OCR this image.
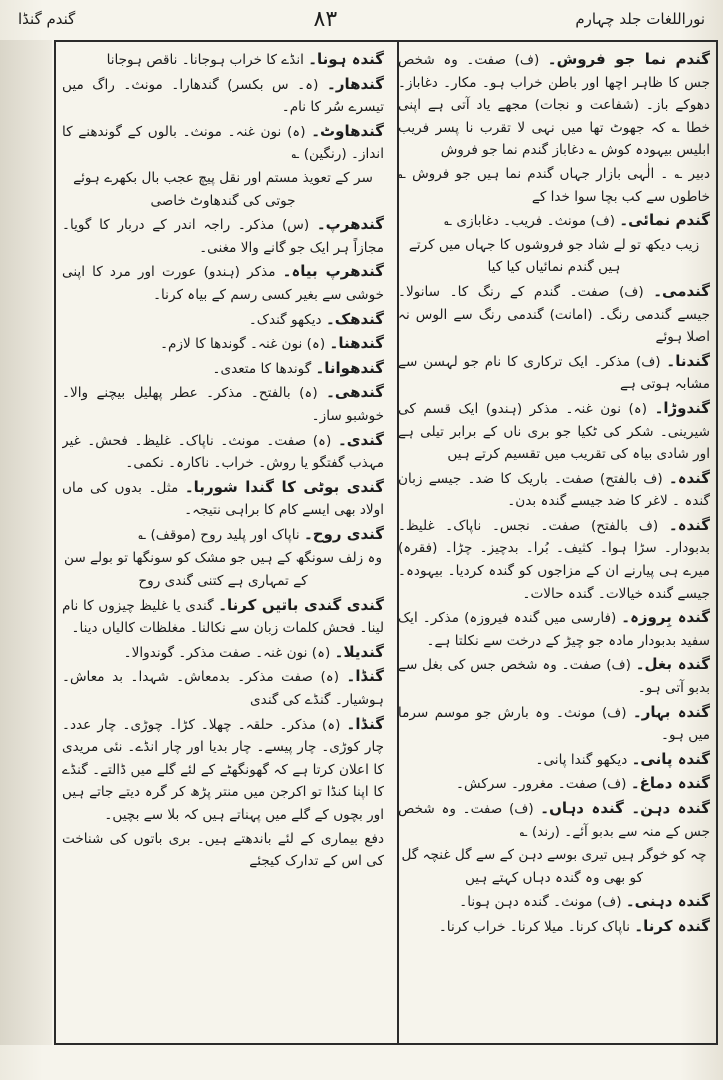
نوراللغات جلد چہارم
۸۳
گندم گنڈا

گندم نما جو فروش۔ (ف) صفت۔ وہ شخص جس کا ظاہر اچھا اور باطن خراب ہو۔ مکار۔ دغاباز۔ دھوکے باز۔ (شفاعت و نجات) مجھے یاد آتی ہے اپنی خطا ؎ کہ جھوٹ تھا میں نہی لا تقرب نا پسر فریب ابلیس بیہودہ کوش ؎ دغاباز گندم نما جو فروش

دبیر ؎ ۔ الٰہی بازار جہاں گندم نما ہیں جو فروش ؎ خاطوں سے کب بچا سوا خدا کے

گندم نمائی۔ (ف) مونث۔ فریب۔ دغابازی ؎

زیب دیکھ تو لے شاد جو فروشوں کا جہاں میں کرتے ہیں گندم نمائیاں کیا کیا

گندمی۔ (ف) صفت۔ گندم کے رنگ کا۔ سانولا۔ جیسے گندمی رنگ۔ (امانت) گندمی رنگ سے الوس نہ اصلا ہوئے

گندنا۔ (ف) مذکر۔ ایک ترکاری کا نام جو لہسن سے مشابہ ہوتی ہے

گندوڑا۔ (ہ) نون غنہ۔ مذکر (ہندو) ایک قسم کی شیرینی۔ شکر کی ٹکیا جو بری ناں کے برابر تیلی ہے اور شادی بیاہ کی تقریب میں تقسیم کرتے ہیں

گندہ۔ (ف بالفتح) صفت۔ باریک کا ضد۔ جیسے زبان گندہ ۔ لاغر کا ضد جیسے گندہ بدن۔

گندہ۔ (ف بالفتح) صفت۔ نجس۔ ناپاک۔ غلیظ۔ بدبودار۔ سڑا ہوا۔ کثیف۔ بُرا۔ بدچیز۔ چڑا۔ (فقرہ) میرے ہی پیارنے ان کے مزاجوں کو گندہ کردیا۔ بیہودہ۔ جیسے گندہ خیالات۔ گندہ حالات۔

گندہ بِروزہ۔ (فارسی میں گندہ فیروزہ) مذکر۔ ایک سفید بدبودار مادہ جو چیڑ کے درخت سے نکلتا ہے۔

گندہ بغل۔ (ف) صفت۔ وہ شخص جس کی بغل سے بدبو آتی ہو۔

گندہ بہار۔ (ف) مونث۔ وہ بارش جو موسم سرما میں ہو۔

گندہ پانی۔ دیکھو گندا پانی۔

گندہ دماغ۔ (ف) صفت۔ مغرور۔ سرکش۔

گندہ دہن۔ گندہ دہاں۔ (ف) صفت۔ وہ شخص جس کے منہ سے بدبو آئے۔ (رند) ؎

چہ کو خوگر ہیں تیری بوسے دہن کے سے گل غنچہ گل کو بھی وہ گندہ دہاں کہتے ہیں

گندہ دہنی۔ (ف) مونث۔ گندہ دہن ہونا۔

گندہ کرنا۔ ناپاک کرنا۔ میلا کرنا۔ خراب کرنا۔

گندہ ہونا۔ انڈے کا خراب ہوجانا۔ ناقص ہوجانا

گندھار۔ (ہ۔ س بکسر) گندھارا۔ مونث۔ راگ میں تیسرے سُر کا نام۔

گندھاوٹ۔ (ہ) نون غنہ۔ مونث۔ بالوں کے گوندھنے کا انداز۔ (رنگین) ؎

سر کے تعویذ مستم اور نقل پیچ عجب بال بکھرے ہوئے جوتی کی گندھاوٹ خاصی

گندھرپ۔ (س) مذکر۔ راجہ اندر کے دربار کا گویا۔ مجازاً ہر ایک جو گانے والا مغنی۔

گندھرپ بیاہ۔ مذکر (ہندو) عورت اور مرد کا اپنی خوشی سے بغیر کسی رسم کے بیاہ کرنا۔

گندھک۔ دیکھو گندک۔

گندھنا۔ (ہ) نون غنہ۔ گوندھا کا لازم۔

گندھوانا۔ گوندھا کا متعدی۔

گندھی۔ (ہ) بالفتح۔ مذکر۔ عطر پھلیل بیچنے والا۔ خوشبو ساز۔

گندی۔ (ہ) صفت۔ مونث۔ ناپاک۔ غلیظ۔ فحش۔ غیر مہذب گفتگو یا روش۔ خراب۔ ناکارہ۔ نکمی۔

گندی بوٹی کا گندا شوربا۔ مثل۔ بدوں کی ماں اولاد بھی ایسے کام کا براہی نتیجہ۔

گندی روح۔ ناپاک اور پلید روح (موقف) ؎

وہ زلف سونگھ کے ہیں جو مشک کو سونگھا تو بولے سن کے تمہاری ہے کتنی گندی روح

گندی گندی باتیں کرنا۔ گندی یا غلیظ چیزوں کا نام لینا۔ فحش کلمات زبان سے نکالنا۔ مغلظات کالیاں دینا۔

گندیلا۔ (ہ) نون غنہ۔ صفت مذکر۔ گوندوالا۔

گنڈا۔ (ہ) صفت مذکر۔ بدمعاش۔ شہدا۔ بد معاش۔ ہوشیار۔ گنڈے کی گندی

گنڈا۔ (ہ) مذکر۔ حلقہ۔ چھلا۔ کڑا۔ چوڑی۔ چار عدد۔ چار کوڑی۔ چار پیسے۔ چار بدیا اور چار انڈے۔ نئی مریدی کا اعلان کرتا ہے کہ گھونگھٹے کے لئے گلے میں ڈالتے۔ گنڈے کا اپنا کنڈا تو اکرجن میں منتر پڑھ کر گرہ دیتے جاتے ہیں اور بچوں کے گلے میں پہناتے ہیں کہ بلا سے بچیں۔

دفع بیماری کے لئے باندھتے ہیں۔ بری باتوں کی شناخت کی اس کے تدارک کیجئے
